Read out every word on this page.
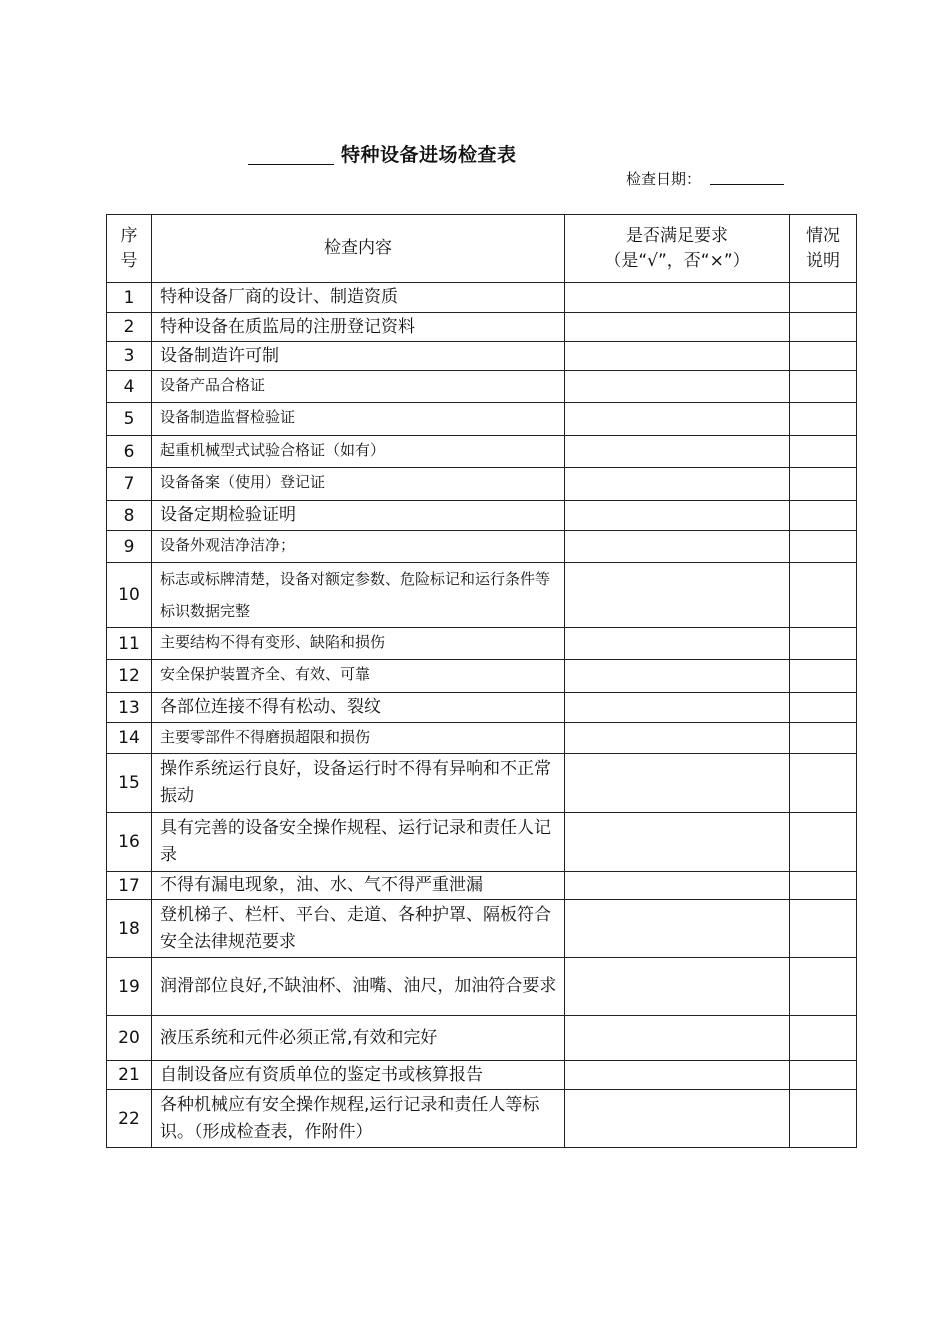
特种设备进场检查表
检查日期：
序号	检查内容	是否满足要求（是“√”，否“×”）	情况说明

1	特种设备厂商的设计、制造资质		
2	特种设备在质监局的注册登记资料		
3	设备制造许可制		
4	设备产品合格证		
5	设备制造监督检验证		
6	起重机械型式试验合格证（如有）		
7	设备备案（使用）登记证		
8	设备定期检验证明		
9	设备外观洁净洁净；		
10	标志或标牌清楚，设备对额定参数、危险标记和运行条件等标识数据完整		
11	主要结构不得有变形、缺陷和损伤		
12	安全保护装置齐全、有效、可靠		
13	各部位连接不得有松动、裂纹		
14	主要零部件不得磨损超限和损伤		
15	操作系统运行良好，设备运行时不得有异响和不正常振动		
16	具有完善的设备安全操作规程、运行记录和责任人记录		
17	不得有漏电现象，油、水、气不得严重泄漏		
18	登机梯子、栏杆、平台、走道、各种护罩、隔板符合安全法律规范要求		
19	润滑部位良好,不缺油杯、油嘴、油尺，加油符合要求		
20	液压系统和元件必须正常,有效和完好		
21	自制设备应有资质单位的鉴定书或核算报告		
22	各种机械应有安全操作规程,运行记录和责任人等标识。（形成检查表，作附件）		
